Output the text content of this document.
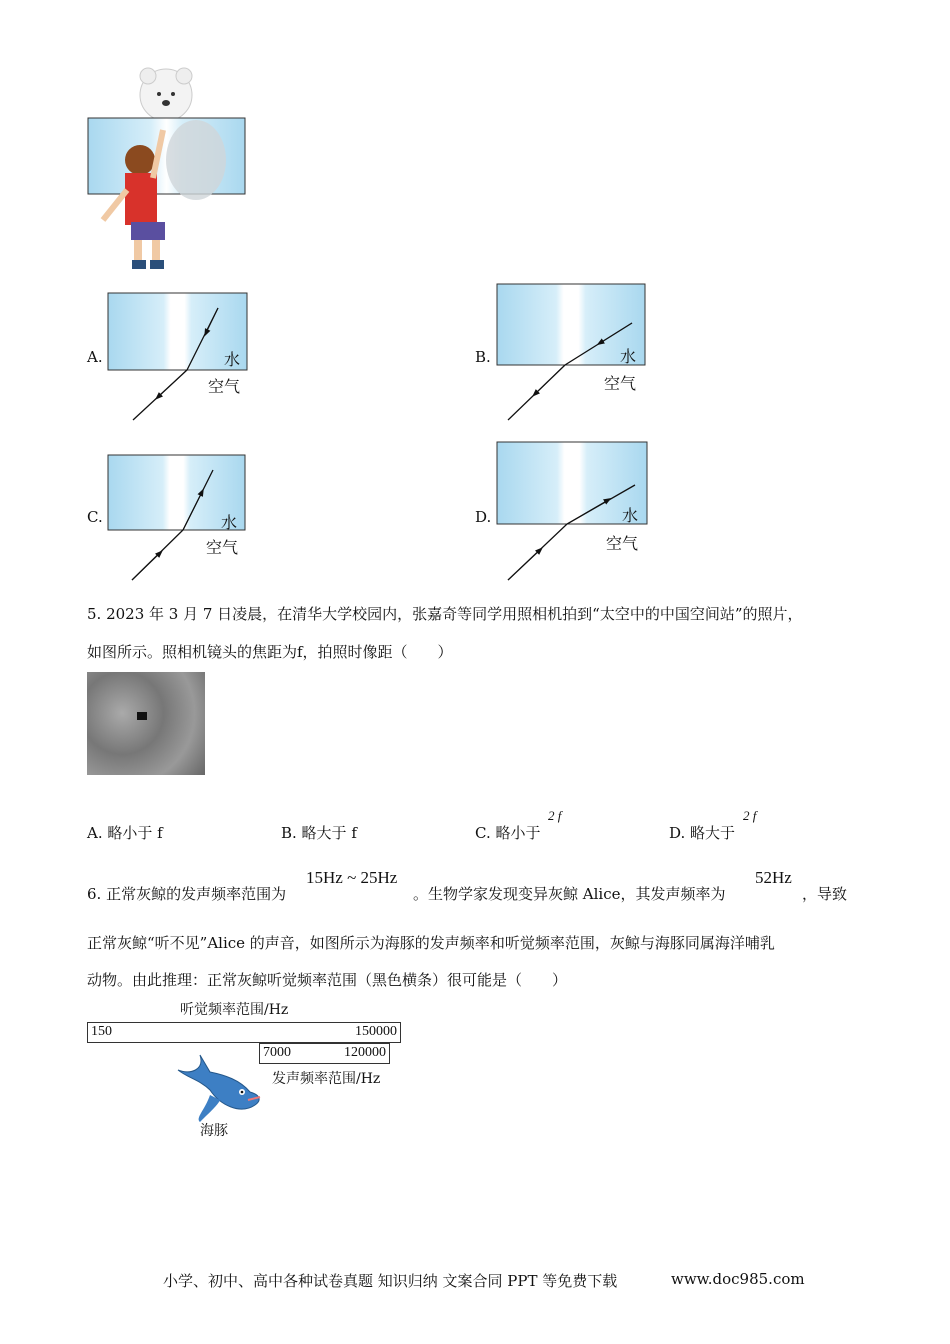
A.	水
空气
B.	水
空气
C.	水
空气
D.	水
空气
5. 2023 年 3 月 7 日凌晨，在清华大学校园内，张嘉奇等同学用照相机拍到“太空中的中国空间站”的照片，
如图所示。照相机镜头的焦距为f，拍照时像距（　　）
A. 略小于 f	B. 略大于 f	C. 略小于
2 f
D. 略大于
2 f
6. 正常灰鲸的发声频率范围为
15Hz ~ 25Hz
。生物学家发现变异灰鲸 Alice，其发声频率为
52Hz
，导致
正常灰鲸“听不见”Alice 的声音，如图所示为海豚的发声频率和听觉频率范围，灰鲸与海豚同属海洋哺乳
动物。由此推理：正常灰鲸听觉频率范围（黑色横条）很可能是（　　）
听觉频率范围/Hz
150	150000
7000	120000
发声频率范围/Hz
海豚
小学、初中、高中各种试卷真题 知识归纳 文案合同 PPT 等免费下载	www.doc985.com
